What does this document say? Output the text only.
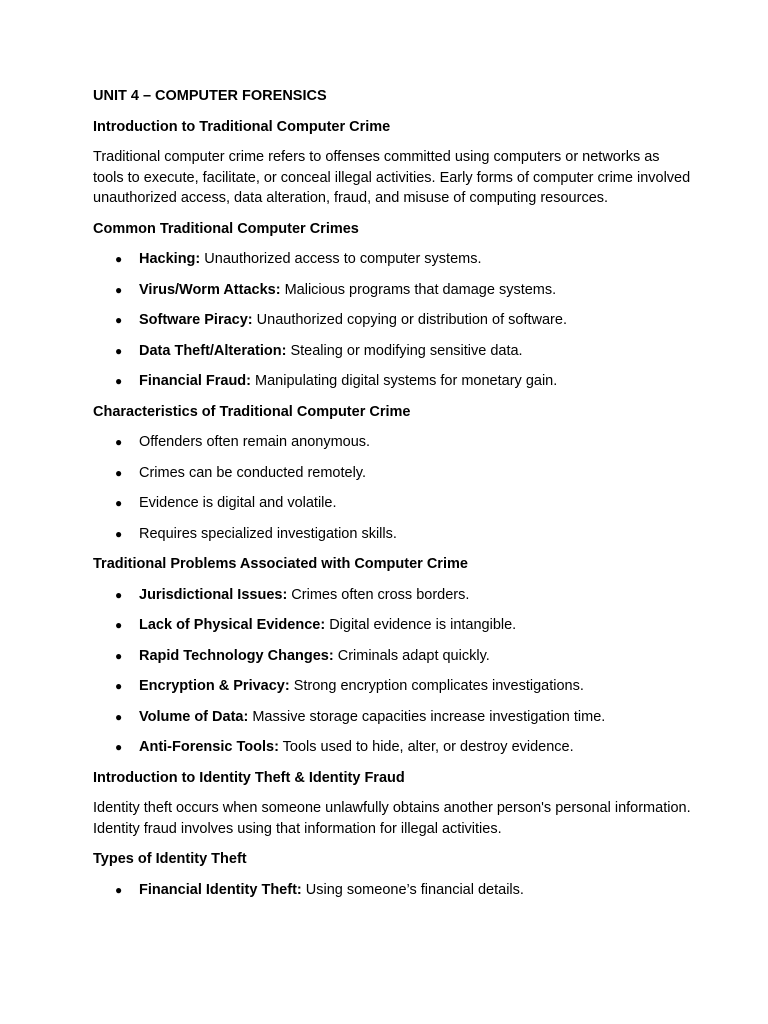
UNIT 4 – COMPUTER FORENSICS

Introduction to Traditional Computer Crime

Traditional computer crime refers to offenses committed using computers or networks as tools to execute, facilitate, or conceal illegal activities. Early forms of computer crime involved unauthorized access, data alteration, fraud, and misuse of computing resources.

Common Traditional Computer Crimes

● Hacking: Unauthorized access to computer systems.
● Virus/Worm Attacks: Malicious programs that damage systems.
● Software Piracy: Unauthorized copying or distribution of software.
● Data Theft/Alteration: Stealing or modifying sensitive data.
● Financial Fraud: Manipulating digital systems for monetary gain.

Characteristics of Traditional Computer Crime

● Offenders often remain anonymous.
● Crimes can be conducted remotely.
● Evidence is digital and volatile.
● Requires specialized investigation skills.

Traditional Problems Associated with Computer Crime

● Jurisdictional Issues: Crimes often cross borders.
● Lack of Physical Evidence: Digital evidence is intangible.
● Rapid Technology Changes: Criminals adapt quickly.
● Encryption & Privacy: Strong encryption complicates investigations.
● Volume of Data: Massive storage capacities increase investigation time.
● Anti-Forensic Tools: Tools used to hide, alter, or destroy evidence.

Introduction to Identity Theft & Identity Fraud

Identity theft occurs when someone unlawfully obtains another person's personal information. Identity fraud involves using that information for illegal activities.

Types of Identity Theft

● Financial Identity Theft: Using someone’s financial details.
